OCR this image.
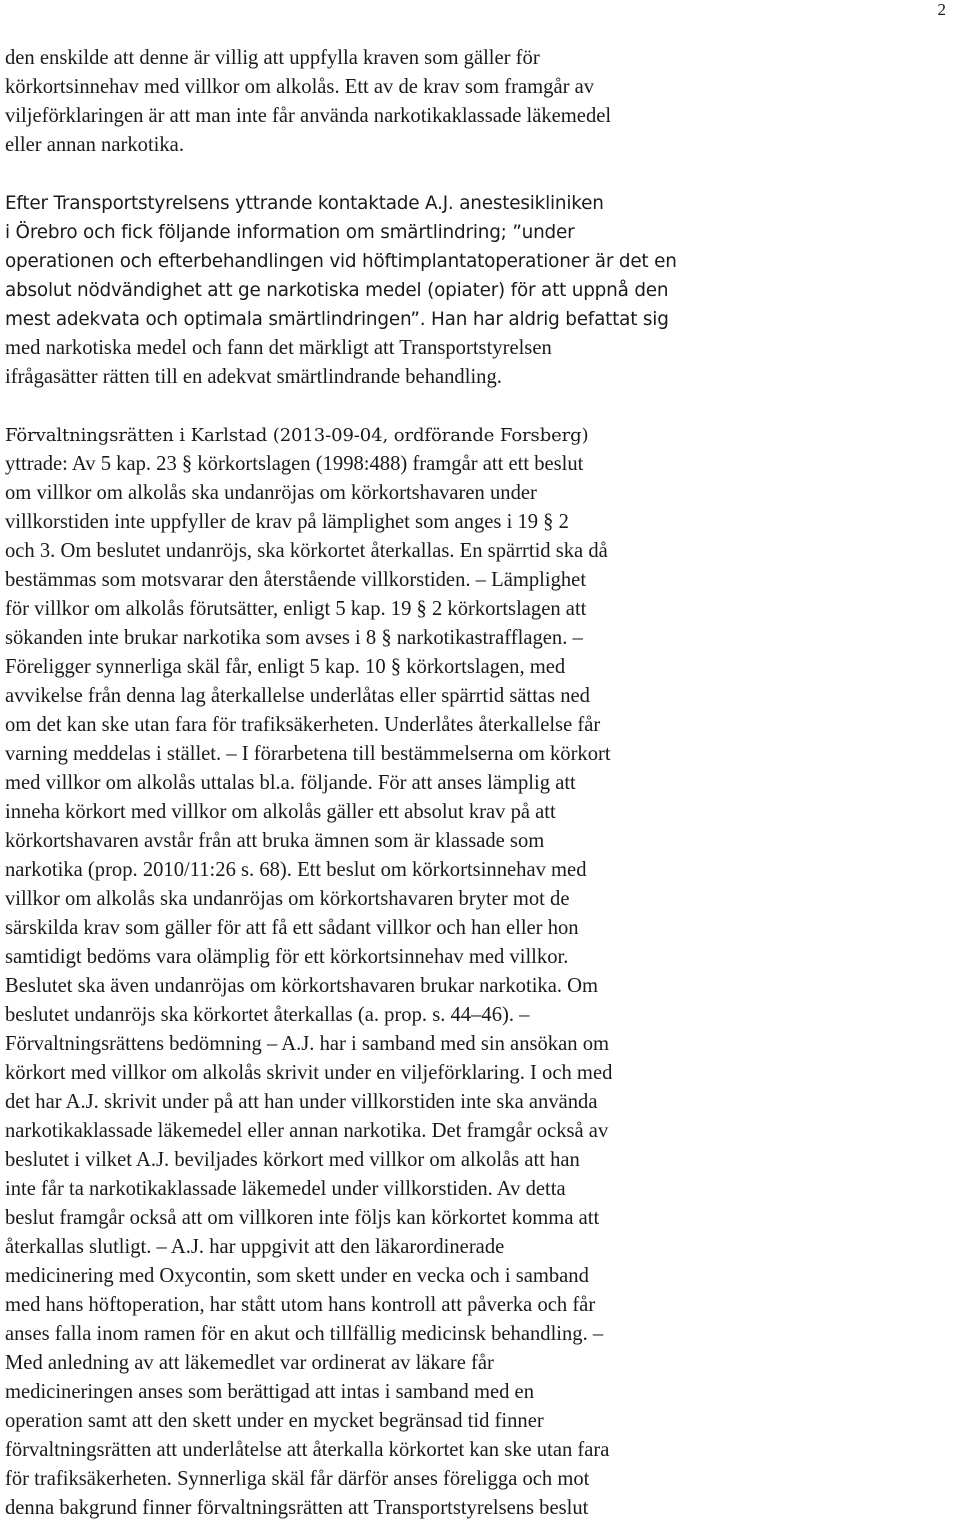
2
den enskilde att denne är villig att uppfylla kraven som gäller för
körkortsinnehav med villkor om alkolås. Ett av de krav som framgår av
viljeförklaringen är att man inte får använda narkotikaklassade läkemedel
eller annan narkotika.
Efter Transportstyrelsens yttrande kontaktade A.J. anestesikliniken
i Örebro och fick följande information om smärtlindring; ”under
operationen och efterbehandlingen vid höftimplantatoperationer är det en
absolut nödvändighet att ge narkotiska medel (opiater) för att uppnå den
mest adekvata och optimala smärtlindringen”. Han har aldrig befattat sig
med narkotiska medel och fann det märkligt att Transportstyrelsen
ifrågasätter rätten till en adekvat smärtlindrande behandling.
Förvaltningsrätten i Karlstad (2013-09-04, ordförande Forsberg)
yttrade: Av 5 kap. 23 § körkortslagen (1998:488) framgår att ett beslut
om villkor om alkolås ska undanröjas om körkortshavaren under
villkorstiden inte uppfyller de krav på lämplighet som anges i 19 § 2
och 3. Om beslutet undanröjs, ska körkortet återkallas. En spärrtid ska då
bestämmas som motsvarar den återstående villkorstiden. – Lämplighet
för villkor om alkolås förutsätter, enligt 5 kap. 19 § 2 körkortslagen att
sökanden inte brukar narkotika som avses i 8 § narkotikastrafflagen. –
Föreligger synnerliga skäl får, enligt 5 kap. 10 § körkortslagen, med
avvikelse från denna lag återkallelse underlåtas eller spärrtid sättas ned
om det kan ske utan fara för trafiksäkerheten. Underlåtes återkallelse får
varning meddelas i stället. – I förarbetena till bestämmelserna om körkort
med villkor om alkolås uttalas bl.a. följande. För att anses lämplig att
inneha körkort med villkor om alkolås gäller ett absolut krav på att
körkortshavaren avstår från att bruka ämnen som är klassade som
narkotika (prop. 2010/11:26 s. 68). Ett beslut om körkortsinnehav med
villkor om alkolås ska undanröjas om körkortshavaren bryter mot de
särskilda krav som gäller för att få ett sådant villkor och han eller hon
samtidigt bedöms vara olämplig för ett körkortsinnehav med villkor.
Beslutet ska även undanröjas om körkortshavaren brukar narkotika. Om
beslutet undanröjs ska körkortet återkallas (a. prop. s. 44–46). –
Förvaltningsrättens bedömning – A.J. har i samband med sin ansökan om
körkort med villkor om alkolås skrivit under en viljeförklaring. I och med
det har A.J. skrivit under på att han under villkorstiden inte ska använda
narkotikaklassade läkemedel eller annan narkotika. Det framgår också av
beslutet i vilket A.J. beviljades körkort med villkor om alkolås att han
inte får ta narkotikaklassade läkemedel under villkorstiden. Av detta
beslut framgår också att om villkoren inte följs kan körkortet komma att
återkallas slutligt. – A.J. har uppgivit att den läkarordinerade
medicinering med Oxycontin, som skett under en vecka och i samband
med hans höftoperation, har stått utom hans kontroll att påverka och får
anses falla inom ramen för en akut och tillfällig medicinsk behandling. –
Med anledning av att läkemedlet var ordinerat av läkare får
medicineringen anses som berättigad att intas i samband med en
operation samt att den skett under en mycket begränsad tid finner
förvaltningsrätten att underlåtelse att återkalla körkortet kan ske utan fara
för trafiksäkerheten. Synnerliga skäl får därför anses föreligga och mot
denna bakgrund finner förvaltningsrätten att Transportstyrelsens beslut
